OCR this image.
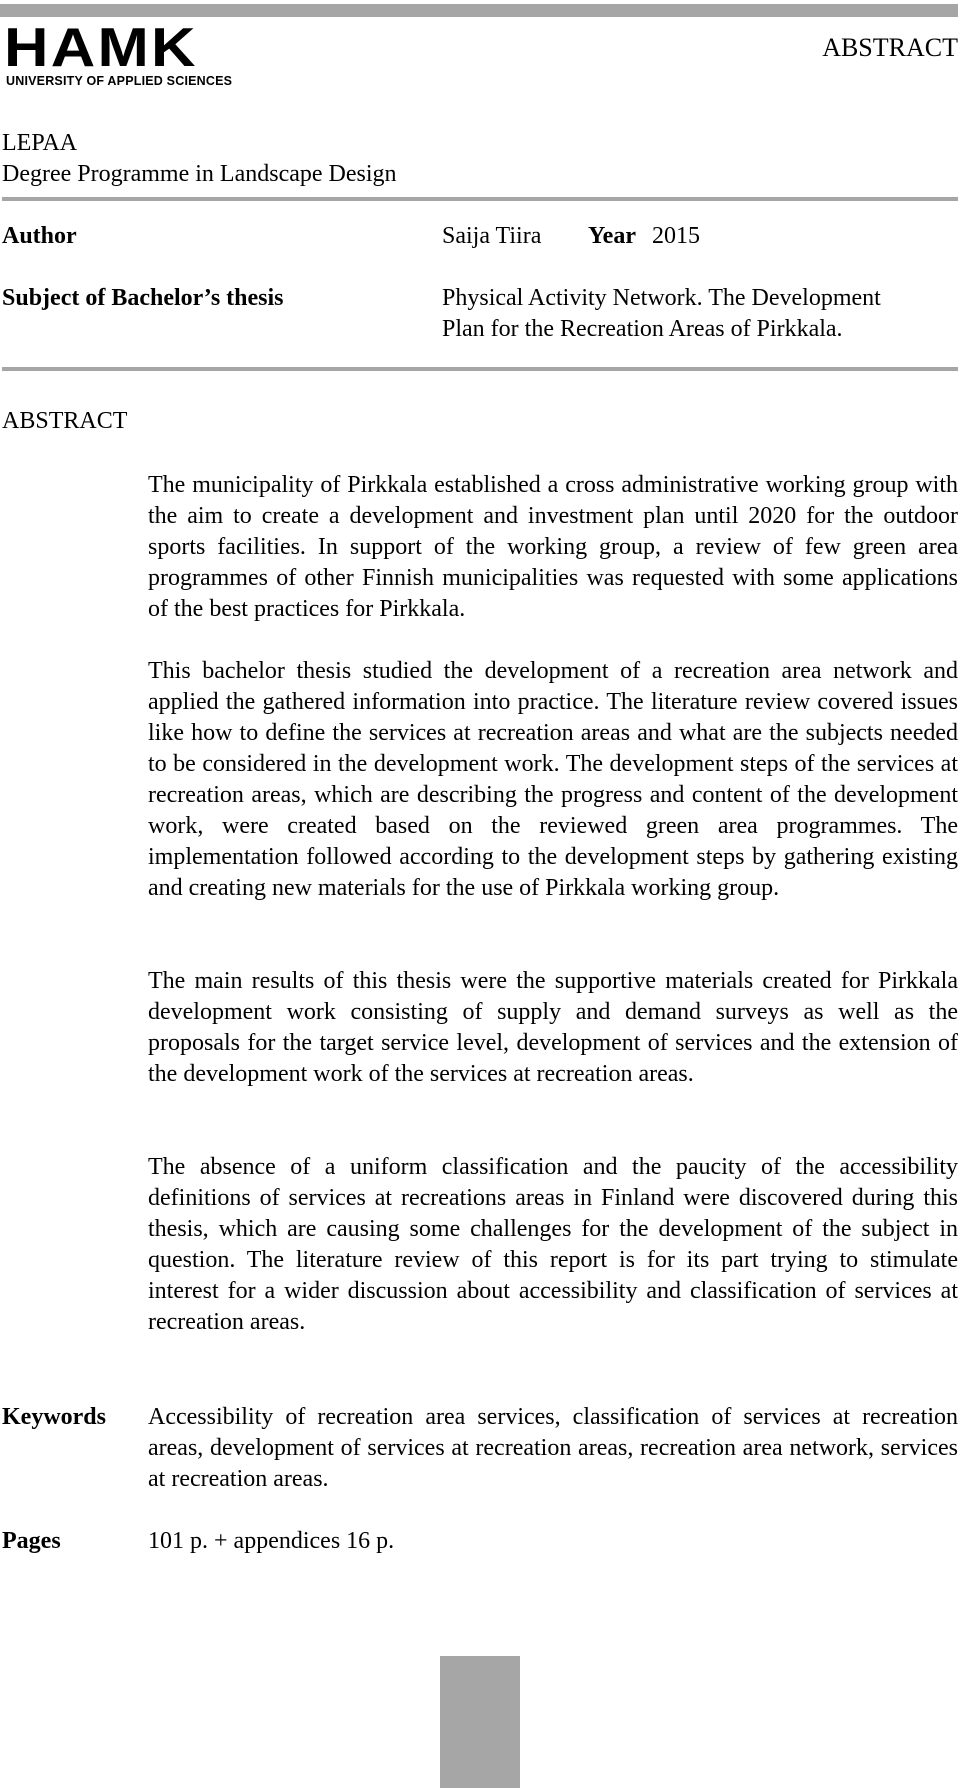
HAMK
UNIVERSITY OF APPLIED SCIENCES
ABSTRACT
LEPAA
Degree Programme in Landscape Design
Author	Saija Tiira Year 2015
Subject of Bachelor’s thesis	Physical Activity Network. The Development
Plan for the Recreation Areas of Pirkkala.
ABSTRACT

The municipality of Pirkkala established a cross administrative working group with the aim to create a development and investment plan until 2020 for the outdoor sports facilities. In support of the working group, a review of few green area programmes of other Finnish municipalities was requested with some applications of the best practices for Pirkkala.

This bachelor thesis studied the development of a recreation area network and applied the gathered information into practice. The literature review covered issues like how to define the services at recreation areas and what are the subjects needed to be considered in the development work. The development steps of the services at recreation areas, which are describing the progress and content of the development work, were created based on the reviewed green area programmes. The implementation followed according to the development steps by gathering existing and creating new materials for the use of Pirkkala working group.

The main results of this thesis were the supportive materials created for Pirkkala development work consisting of supply and demand surveys as well as the proposals for the target service level, development of services and the extension of the development work of the services at recreation areas.

The absence of a uniform classification and the paucity of the accessibility definitions of services at recreations areas in Finland were discovered during this thesis, which are causing some challenges for the development of the subject in question. The literature review of this report is for its part trying to stimulate interest for a wider discussion about accessibility and classification of services at recreation areas.

Keywords Accessibility of recreation area services, classification of services at recreation areas, development of services at recreation areas, recreation area network, services at recreation areas.
Pages	101 p. + appendices 16 p.
